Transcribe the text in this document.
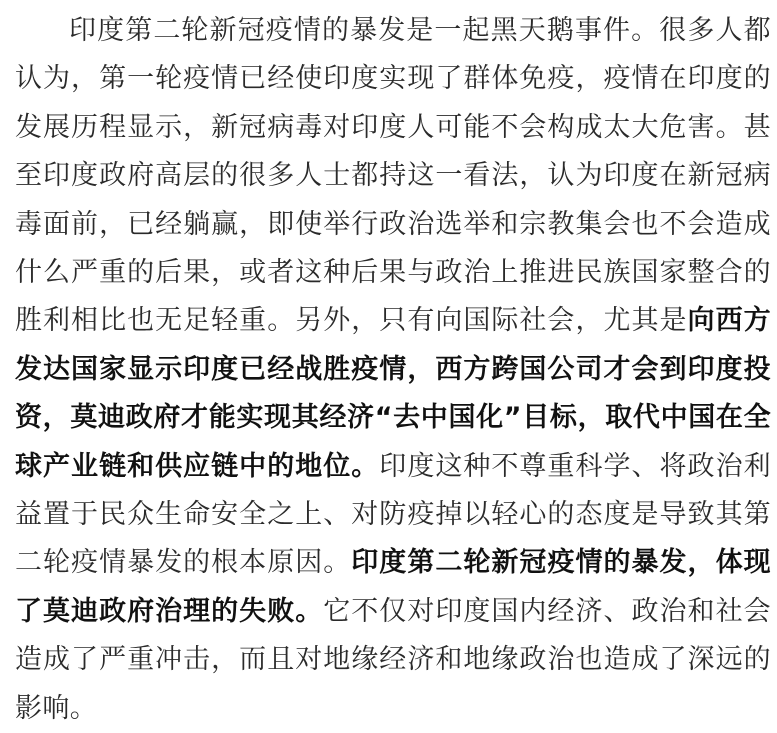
印度第二轮新冠疫情的暴发是一起黑天鹅事件。很多人都认为，第一轮疫情已经使印度实现了群体免疫，疫情在印度的发展历程显示，新冠病毒对印度人可能不会构成太大危害。甚至印度政府高层的很多人士都持这一看法，认为印度在新冠病毒面前，已经躺赢，即使举行政治选举和宗教集会也不会造成什么严重的后果，或者这种后果与政治上推进民族国家整合的胜利相比也无足轻重。另外，只有向国际社会，尤其是向西方发达国家显示印度已经战胜疫情，西方跨国公司才会到印度投资，莫迪政府才能实现其经济“去中国化”目标，取代中国在全球产业链和供应链中的地位。印度这种不尊重科学、将政治利益置于民众生命安全之上、对防疫掉以轻心的态度是导致其第二轮疫情暴发的根本原因。印度第二轮新冠疫情的暴发，体现了莫迪政府治理的失败。它不仅对印度国内经济、政治和社会造成了严重冲击，而且对地缘经济和地缘政治也造成了深远的影响。
